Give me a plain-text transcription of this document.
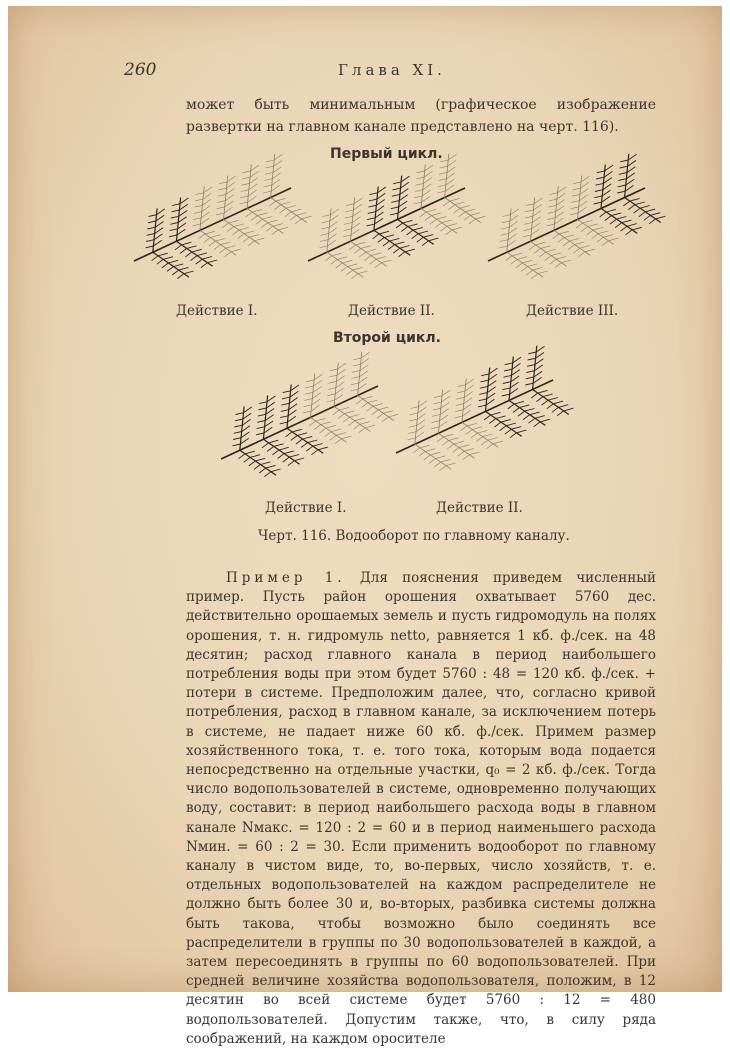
260	Глава XI.
может быть минимальным (графическое изображение развертки на главном канале представлено на черт. 116).
Первый цикл.
Действие I.	Действие II.	Действие III.
Второй цикл.
Действие I.	Действие II.
Черт. 116. Водооборот по главному каналу.

Пример 1. Для пояснения приведем численный пример. Пусть район орошения охватывает 5760 дес. действительно орошаемых земель и пусть гидромодуль на полях орошения, т. н. гидромуль netto, равняется 1 кб. ф./сек. на 48 десятин; расход главного канала в период наибольшего потребления воды при этом будет 5760 : 48 = 120 кб. ф./сек. + потери в системе. Предположим далее, что, согласно кривой потребления, расход в главном канале, за исключением потерь в системе, не падает ниже 60 кб. ф./сек. Примем размер хозяйственного тока, т. е. того тока, которым вода подается непосредственно на отдельные участки, q₀ = 2 кб. ф./сек. Тогда число водопользователей в системе, одновременно получающих воду, составит: в период наибольшего расхода воды в главном канале Nмакс. = 120 : 2 = 60 и в период наименьшего расхода Nмин. = 60 : 2 = 30. Если применить водооборот по главному каналу в чистом виде, то, во-первых, число хозяйств, т. е. отдельных водопользователей на каждом распределителе не должно быть более 30 и, во-вторых, разбивка системы должна быть такова, чтобы возможно было соединять все распределители в группы по 30 водопользователей в каждой, а затем пересоединять в группы по 60 водопользователей. При средней величине хозяйства водопользователя, положим, в 12 десятин во всей системе будет 5760 : 12 = 480 водопользователей. Допустим также, что, в силу ряда соображений, на каждом оросителе
